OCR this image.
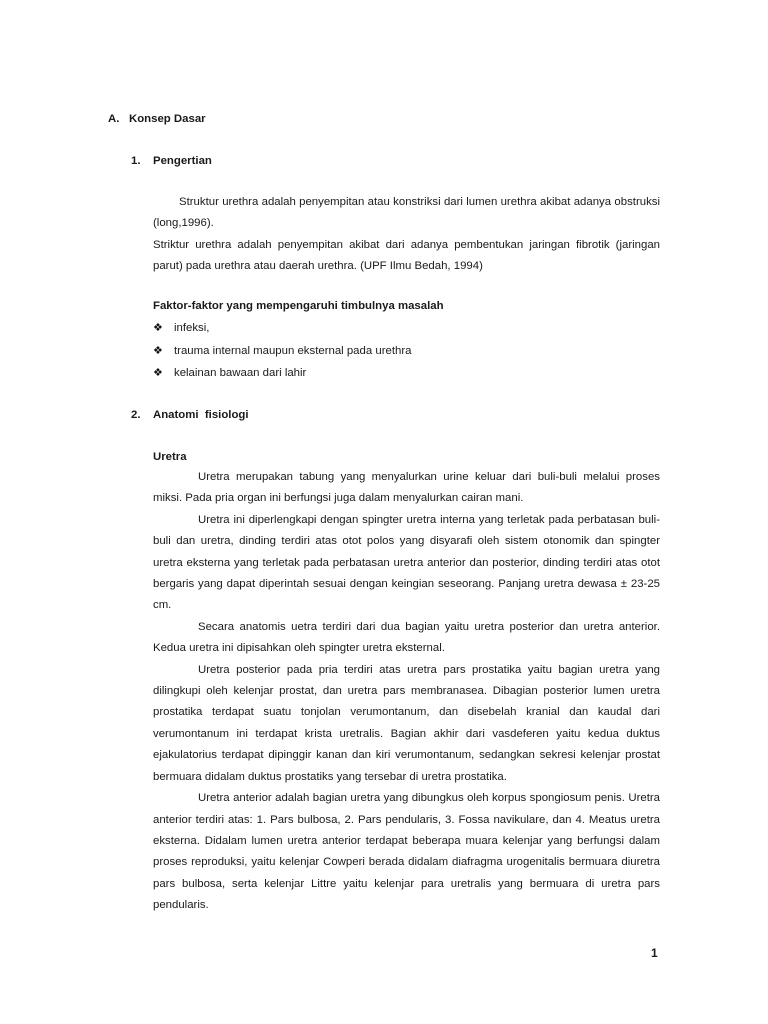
A. Konsep Dasar
1. Pengertian

Struktur urethra adalah penyempitan atau konstriksi dari lumen urethra akibat adanya obstruksi (long,1996).

Striktur urethra adalah penyempitan akibat dari adanya pembentukan jaringan fibrotik (jaringan parut) pada urethra atau daerah urethra. (UPF Ilmu Bedah, 1994)

Faktor-faktor yang mempengaruhi timbulnya masalah
❖ infeksi,
❖ trauma internal maupun eksternal pada urethra
❖ kelainan bawaan dari lahir
2. Anatomi  fisiologi
Uretra

Uretra merupakan tabung yang menyalurkan urine keluar dari buli-buli melalui proses miksi. Pada pria organ ini berfungsi juga dalam menyalurkan cairan mani.

Uretra ini diperlengkapi dengan spingter uretra interna yang terletak pada perbatasan buli-buli dan uretra, dinding terdiri atas otot polos yang disyarafi oleh sistem otonomik dan spingter uretra eksterna yang terletak pada perbatasan uretra anterior dan posterior, dinding terdiri atas otot bergaris yang dapat diperintah sesuai dengan keingian seseorang. Panjang uretra dewasa ± 23-25 cm.

Secara anatomis uetra terdiri dari dua bagian yaitu uretra posterior dan uretra anterior. Kedua uretra ini dipisahkan oleh spingter uretra eksternal.

Uretra posterior pada pria terdiri atas uretra pars prostatika yaitu bagian uretra yang dilingkupi oleh kelenjar prostat, dan uretra pars membranasea. Dibagian posterior lumen uretra prostatika terdapat suatu tonjolan verumontanum, dan disebelah kranial dan kaudal dari verumontanum ini terdapat krista uretralis. Bagian akhir dari vasdeferen yaitu kedua duktus ejakulatorius terdapat dipinggir kanan dan kiri verumontanum, sedangkan sekresi kelenjar prostat bermuara didalam duktus prostatiks yang tersebar di uretra prostatika.

Uretra anterior adalah bagian uretra yang dibungkus oleh korpus spongiosum penis. Uretra anterior terdiri atas: 1. Pars bulbosa, 2. Pars pendularis, 3. Fossa navikulare, dan 4. Meatus uretra eksterna. Didalam lumen uretra anterior terdapat beberapa muara kelenjar yang berfungsi dalam proses reproduksi, yaitu kelenjar Cowperi berada didalam diafragma urogenitalis bermuara diuretra pars bulbosa, serta kelenjar Littre yaitu kelenjar para uretralis yang bermuara di uretra pars pendularis.

1
